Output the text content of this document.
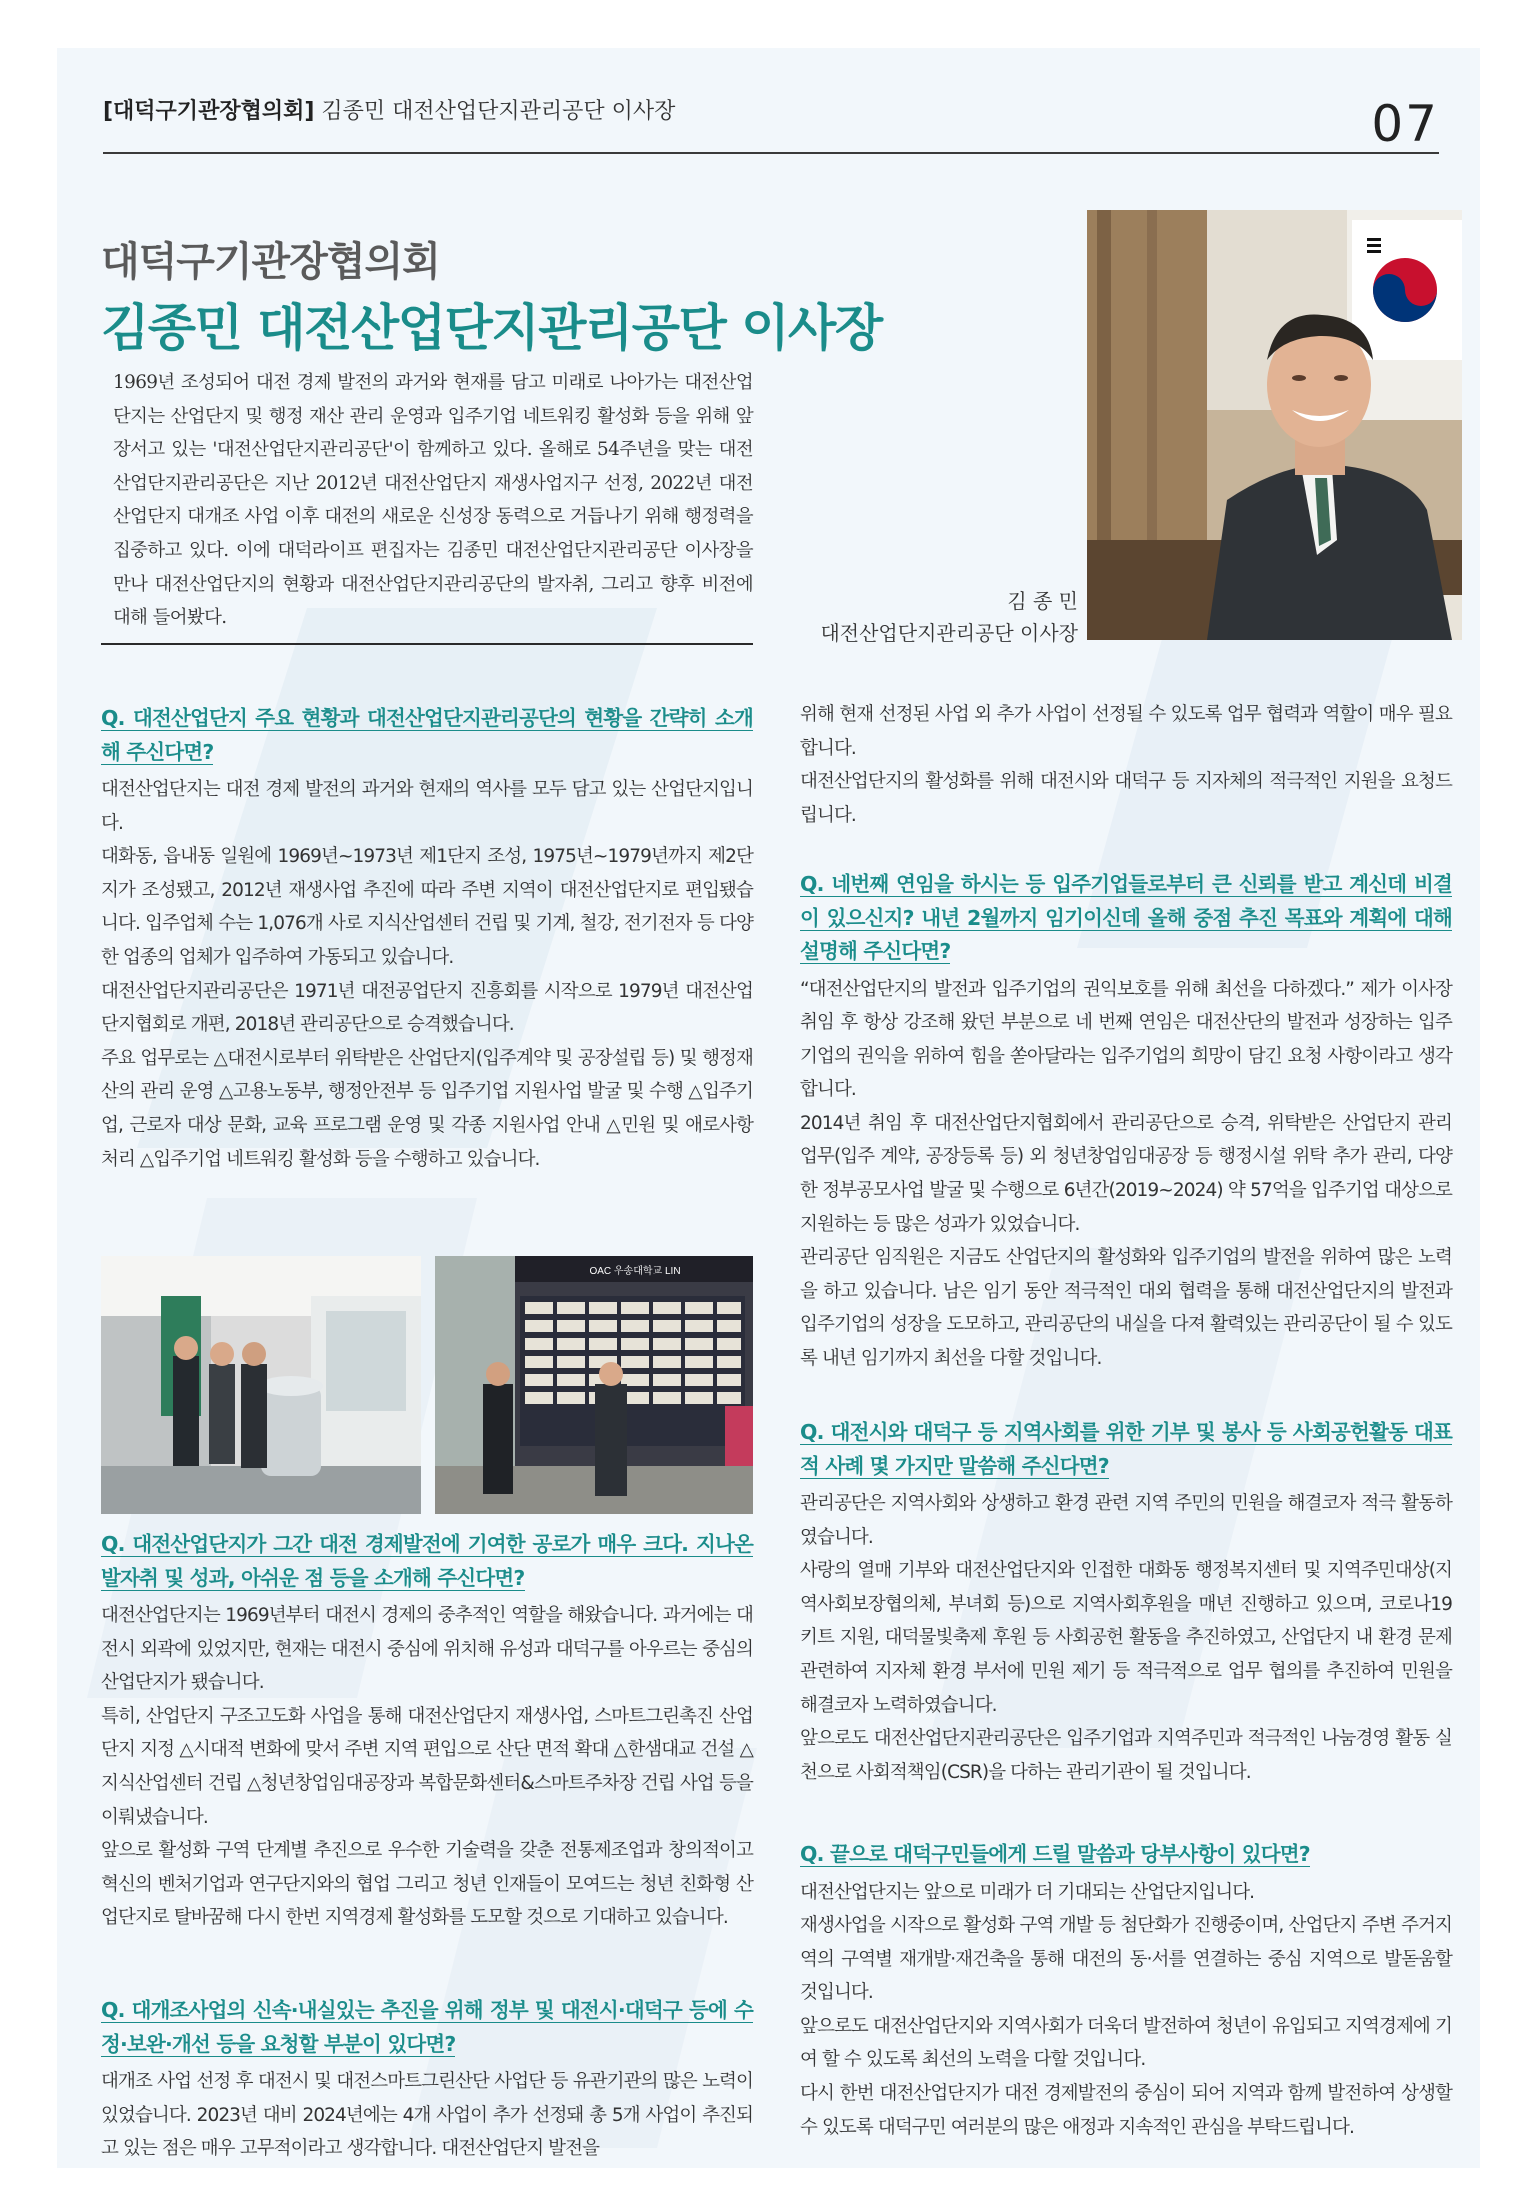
[대덕구기관장협의회] 김종민 대전산업단지관리공단 이사장	07
대덕구기관장협의회
김종민 대전산업단지관리공단 이사장
1969년 조성되어 대전 경제 발전의 과거와 현재를 담고 미래로 나아가는 대전산업단지는 산업단지 및 행정 재산 관리 운영과 입주기업 네트워킹 활성화 등을 위해 앞장서고 있는 '대전산업단지관리공단'이 함께하고 있다. 올해로 54주년을 맞는 대전산업단지관리공단은 지난 2012년 대전산업단지 재생사업지구 선정, 2022년 대전산업단지 대개조 사업 이후 대전의 새로운 신성장 동력으로 거듭나기 위해 행정력을 집중하고 있다. 이에 대덕라이프 편집자는 김종민 대전산업단지관리공단 이사장을 만나 대전산업단지의 현황과 대전산업단지관리공단의 발자취, 그리고 향후 비전에 대해 들어봤다.
김 종 민
대전산업단지관리공단 이사장
Q. 대전산업단지 주요 현황과 대전산업단지관리공단의 현황을 간략히 소개해 주신다면?

대전산업단지는 대전 경제 발전의 과거와 현재의 역사를 모두 담고 있는 산업단지입니다.

대화동, 읍내동 일원에 1969년~1973년 제1단지 조성, 1975년~1979년까지 제2단지가 조성됐고, 2012년 재생사업 추진에 따라 주변 지역이 대전산업단지로 편입됐습니다. 입주업체 수는 1,076개 사로 지식산업센터 건립 및 기계, 철강, 전기전자 등 다양한 업종의 업체가 입주하여 가동되고 있습니다.

대전산업단지관리공단은 1971년 대전공업단지 진흥회를 시작으로 1979년 대전산업단지협회로 개편, 2018년 관리공단으로 승격했습니다.

주요 업무로는 △대전시로부터 위탁받은 산업단지(입주계약 및 공장설립 등) 및 행정재산의 관리 운영 △고용노동부, 행정안전부 등 입주기업 지원사업 발굴 및 수행 △입주기업, 근로자 대상 문화, 교육 프로그램 운영 및 각종 지원사업 안내 △민원 및 애로사항 처리 △입주기업 네트워킹 활성화 등을 수행하고 있습니다.

OAC 우송대학교 LIN
Q. 대전산업단지가 그간 대전 경제발전에 기여한 공로가 매우 크다. 지나온 발자취 및 성과, 아쉬운 점 등을 소개해 주신다면?

대전산업단지는 1969년부터 대전시 경제의 중추적인 역할을 해왔습니다. 과거에는 대전시 외곽에 있었지만, 현재는 대전시 중심에 위치해 유성과 대덕구를 아우르는 중심의 산업단지가 됐습니다.

특히, 산업단지 구조고도화 사업을 통해 대전산업단지 재생사업, 스마트그린촉진 산업단지 지정 △시대적 변화에 맞서 주변 지역 편입으로 산단 면적 확대 △한샘대교 건설 △지식산업센터 건립 △청년창업임대공장과 복합문화센터&스마트주차장 건립 사업 등을 이뤄냈습니다.

앞으로 활성화 구역 단계별 추진으로 우수한 기술력을 갖춘 전통제조업과 창의적이고 혁신의 벤처기업과 연구단지와의 협업 그리고 청년 인재들이 모여드는 청년 친화형 산업단지로 탈바꿈해 다시 한번 지역경제 활성화를 도모할 것으로 기대하고 있습니다.

Q. 대개조사업의 신속·내실있는 추진을 위해 정부 및 대전시·대덕구 등에 수정·보완·개선 등을 요청할 부분이 있다면?
대개조 사업 선정 후 대전시 및 대전스마트그린산단 사업단 등 유관기관의 많은 노력이 있었습니다. 2023년 대비 2024년에는 4개 사업이 추가 선정돼 총 5개 사업이 추진되고 있는 점은 매우 고무적이라고 생각합니다. 대전산업단지 발전을

위해 현재 선정된 사업 외 추가 사업이 선정될 수 있도록 업무 협력과 역할이 매우 필요합니다.

대전산업단지의 활성화를 위해 대전시와 대덕구 등 지자체의 적극적인 지원을 요청드립니다.

Q. 네번째 연임을 하시는 등 입주기업들로부터 큰 신뢰를 받고 계신데 비결이 있으신지? 내년 2월까지 임기이신데 올해 중점 추진 목표와 계획에 대해 설명해 주신다면?

“대전산업단지의 발전과 입주기업의 권익보호를 위해 최선을 다하겠다.” 제가 이사장 취임 후 항상 강조해 왔던 부분으로 네 번째 연임은 대전산단의 발전과 성장하는 입주기업의 권익을 위하여 힘을 쏟아달라는 입주기업의 희망이 담긴 요청 사항이라고 생각합니다.

2014년 취임 후 대전산업단지협회에서 관리공단으로 승격, 위탁받은 산업단지 관리 업무(입주 계약, 공장등록 등) 외 청년창업임대공장 등 행정시설 위탁 추가 관리, 다양한 정부공모사업 발굴 및 수행으로 6년간(2019~2024) 약 57억을 입주기업 대상으로 지원하는 등 많은 성과가 있었습니다.

관리공단 임직원은 지금도 산업단지의 활성화와 입주기업의 발전을 위하여 많은 노력을 하고 있습니다. 남은 임기 동안 적극적인 대외 협력을 통해 대전산업단지의 발전과 입주기업의 성장을 도모하고, 관리공단의 내실을 다져 활력있는 관리공단이 될 수 있도록 내년 임기까지 최선을 다할 것입니다.

Q. 대전시와 대덕구 등 지역사회를 위한 기부 및 봉사 등 사회공헌활동 대표적 사례 몇 가지만 말씀해 주신다면?

관리공단은 지역사회와 상생하고 환경 관련 지역 주민의 민원을 해결코자 적극 활동하였습니다.

사랑의 열매 기부와 대전산업단지와 인접한 대화동 행정복지센터 및 지역주민대상(지역사회보장협의체, 부녀회 등)으로 지역사회후원을 매년 진행하고 있으며, 코로나19 키트 지원, 대덕물빛축제 후원 등 사회공헌 활동을 추진하였고, 산업단지 내 환경 문제 관련하여 지자체 환경 부서에 민원 제기 등 적극적으로 업무 협의를 추진하여 민원을 해결코자 노력하였습니다.

앞으로도 대전산업단지관리공단은 입주기업과 지역주민과 적극적인 나눔경영 활동 실천으로 사회적책임(CSR)을 다하는 관리기관이 될 것입니다.

Q. 끝으로 대덕구민들에게 드릴 말씀과 당부사항이 있다면?

대전산업단지는 앞으로 미래가 더 기대되는 산업단지입니다.

재생사업을 시작으로 활성화 구역 개발 등 첨단화가 진행중이며, 산업단지 주변 주거지역의 구역별 재개발·재건축을 통해 대전의 동·서를 연결하는 중심 지역으로 발돋움할 것입니다.

앞으로도 대전산업단지와 지역사회가 더욱더 발전하여 청년이 유입되고 지역경제에 기여 할 수 있도록 최선의 노력을 다할 것입니다.

다시 한번 대전산업단지가 대전 경제발전의 중심이 되어 지역과 함께 발전하여 상생할 수 있도록 대덕구민 여러분의 많은 애정과 지속적인 관심을 부탁드립니다.
